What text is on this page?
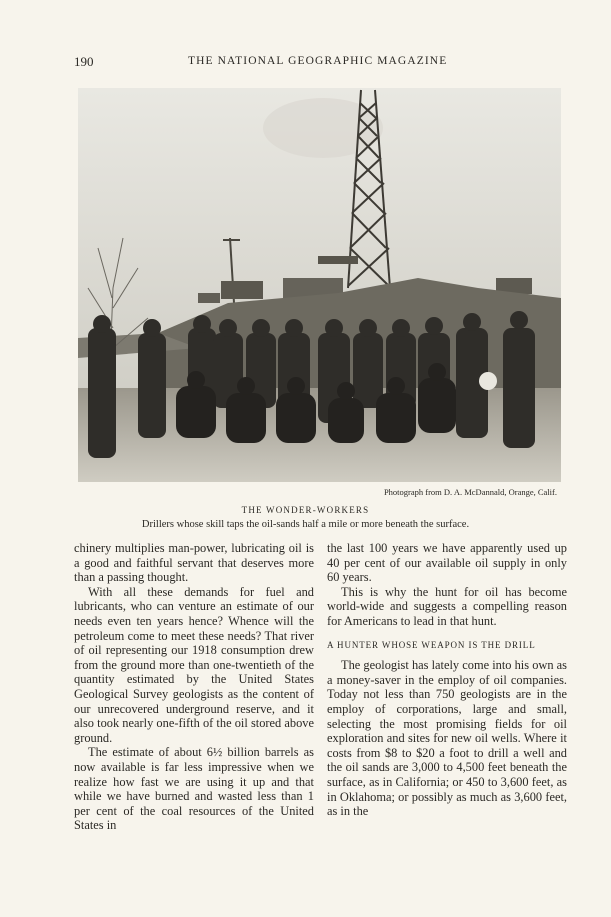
190	THE NATIONAL GEOGRAPHIC MAGAZINE
Photograph from D. A. McDannald, Orange, Calif.
THE WONDER-WORKERS
Drillers whose skill taps the oil-sands half a mile or more beneath the surface.

chinery multiplies man-power, lubricating oil is a good and faithful servant that deserves more than a passing thought.

With all these demands for fuel and lubricants, who can venture an estimate of our needs even ten years hence? Whence will the petroleum come to meet these needs? That river of oil representing our 1918 consumption drew from the ground more than one-twentieth of the quantity estimated by the United States Geological Survey geologists as the content of our unrecovered underground reserve, and it also took nearly one-fifth of the oil stored above ground.

The estimate of about 6½ billion barrels as now available is far less impressive when we realize how fast we are using it up and that while we have burned and wasted less than 1 per cent of the coal resources of the United States in

the last 100 years we have apparently used up 40 per cent of our available oil supply in only 60 years.

This is why the hunt for oil has become world-wide and suggests a compelling reason for Americans to lead in that hunt.

A HUNTER WHOSE WEAPON IS THE DRILL

The geologist has lately come into his own as a money-saver in the employ of oil companies. Today not less than 750 geologists are in the employ of corporations, large and small, selecting the most promising fields for oil exploration and sites for new oil wells. Where it costs from $8 to $20 a foot to drill a well and the oil sands are 3,000 to 4,500 feet beneath the surface, as in California; or 450 to 3,600 feet, as in Oklahoma; or possibly as much as 3,600 feet, as in the
